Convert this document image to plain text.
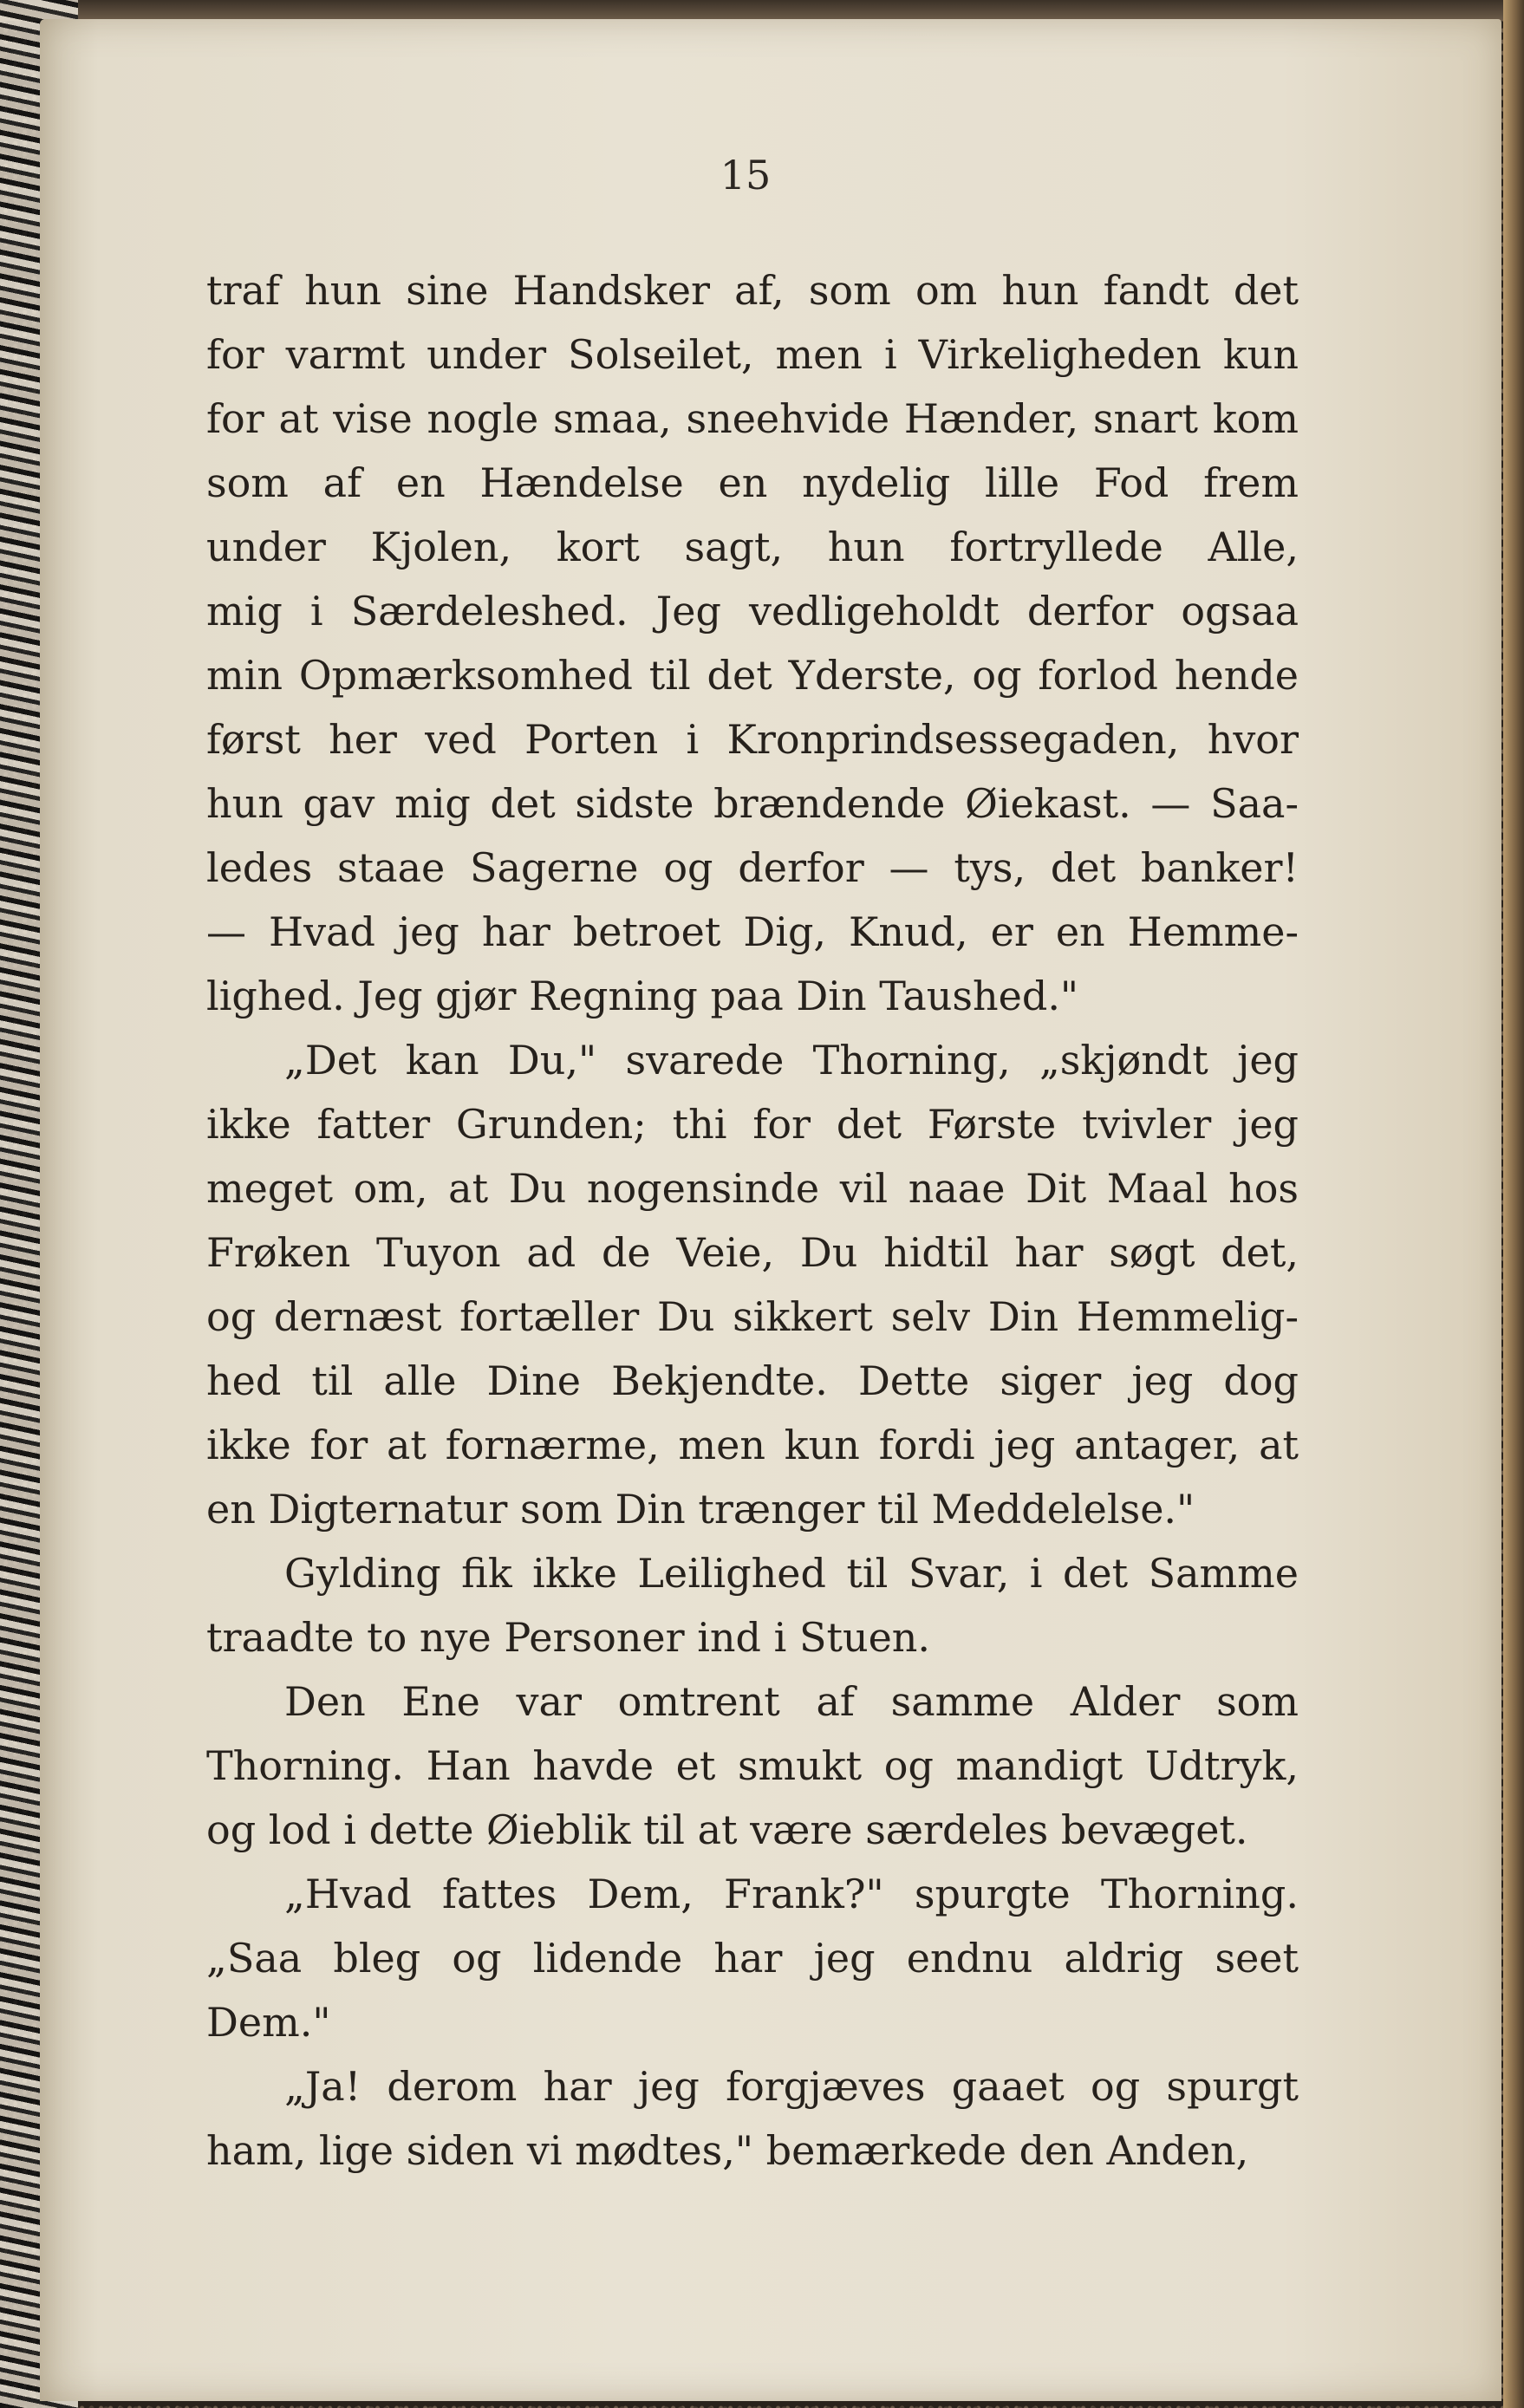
15
traf hun sine Handsker af, som om hun fandt det
for varmt under Solseilet, men i Virkeligheden kun
for at vise nogle smaa, sneehvide Hænder, snart kom
som af en Hændelse en nydelig lille Fod frem
under Kjolen, kort sagt, hun fortryllede Alle,
mig i Særdeleshed. Jeg vedligeholdt derfor ogsaa
min Opmærksomhed til det Yderste, og forlod hende
først her ved Porten i Kronprindsessegaden, hvor
hun gav mig det sidste brændende Øiekast. — Saa-
ledes staae Sagerne og derfor — tys, det banker!
— Hvad jeg har betroet Dig, Knud, er en Hemme-
lighed. Jeg gjør Regning paa Din Taushed."
„Det kan Du," svarede Thorning, „skjøndt jeg
ikke fatter Grunden; thi for det Første tvivler jeg
meget om, at Du nogensinde vil naae Dit Maal hos
Frøken Tuyon ad de Veie, Du hidtil har søgt det,
og dernæst fortæller Du sikkert selv Din Hemmelig-
hed til alle Dine Bekjendte. Dette siger jeg dog
ikke for at fornærme, men kun fordi jeg antager, at
en Digternatur som Din trænger til Meddelelse."
Gylding fik ikke Leilighed til Svar, i det Samme
traadte to nye Personer ind i Stuen.
Den Ene var omtrent af samme Alder som
Thorning. Han havde et smukt og mandigt Udtryk,
og lod i dette Øieblik til at være særdeles bevæget.
„Hvad fattes Dem, Frank?" spurgte Thorning.
„Saa bleg og lidende har jeg endnu aldrig seet
Dem."
„Ja! derom har jeg forgjæves gaaet og spurgt
ham, lige siden vi mødtes," bemærkede den Anden,
